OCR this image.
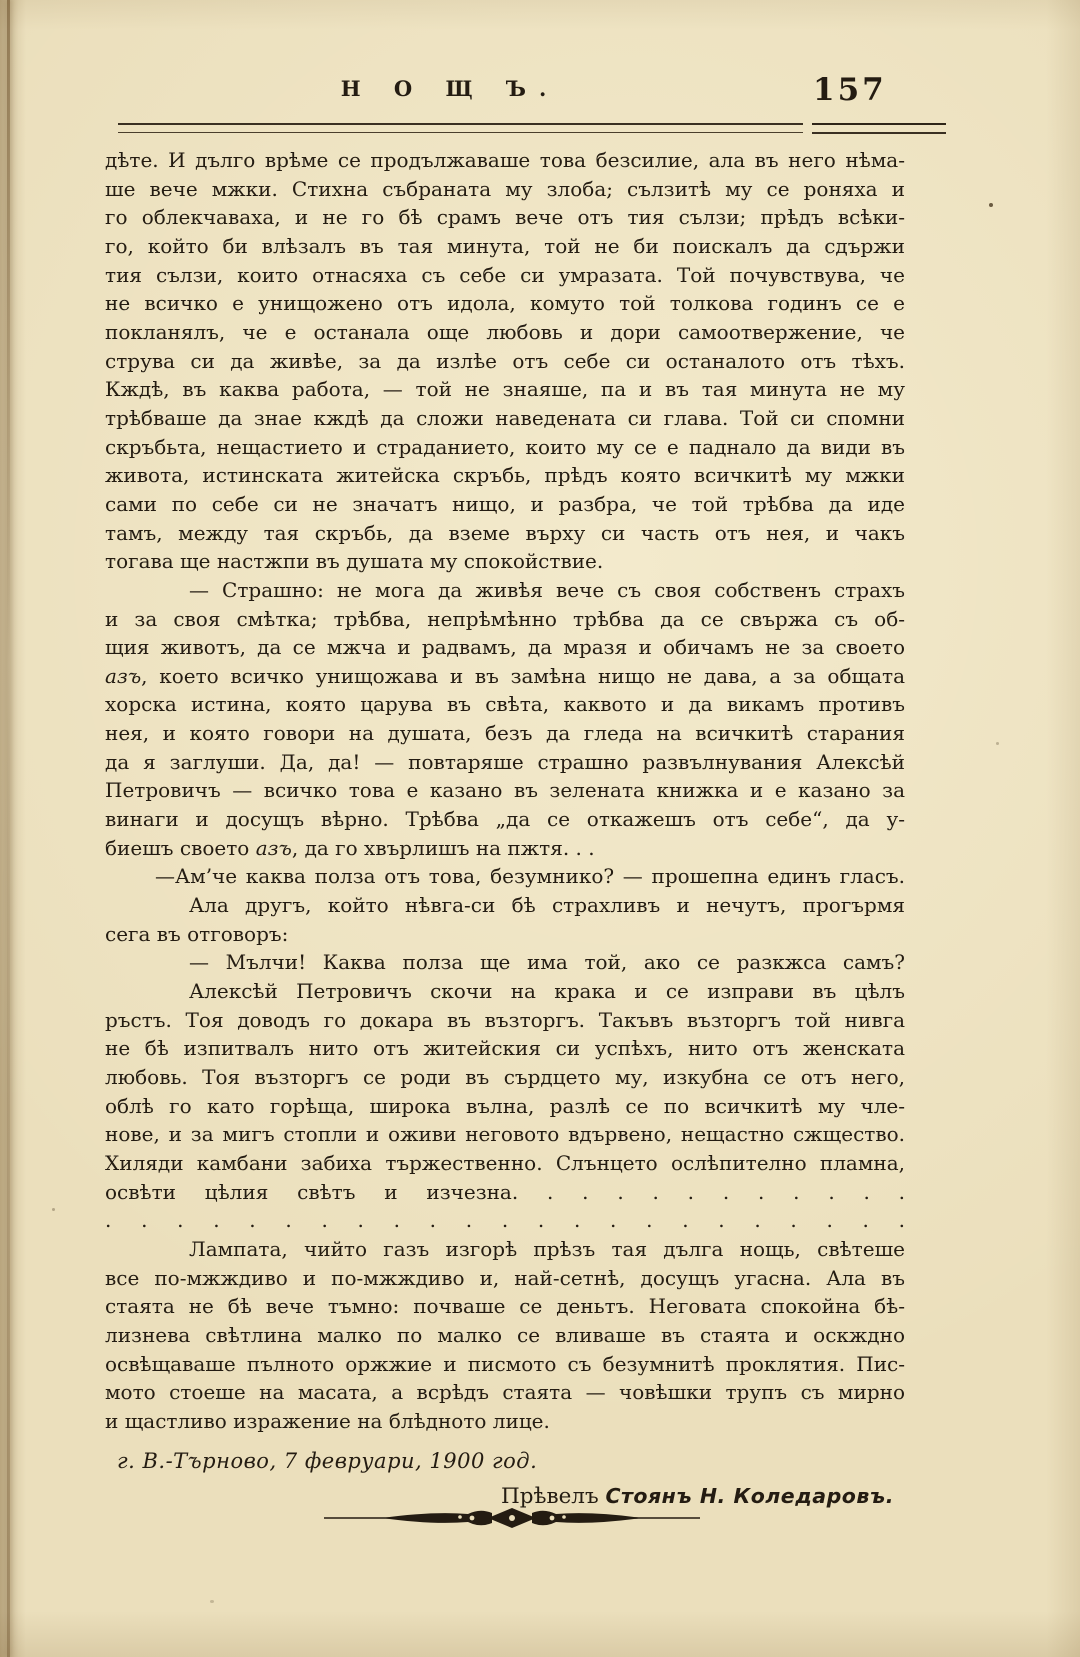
Н О Щ Ъ.	157
дѣте. И дълго врѣме се продължаваше това безсилие, ала въ него нѣма-
ше вече мжки. Стихна събраната му злоба; сълзитѣ му се роняха и
го облекчаваха, и не го бѣ срамъ вече отъ тия сълзи; прѣдъ всѣки-
го, който би влѣзалъ въ тая минута, той не би поискалъ да сдържи
тия сълзи, които отнасяха съ себе си умразата. Той почувствува, че
не всичко е унищожено отъ идола, комуто той толкова годинъ се е
покланялъ, че е останала още любовь и дори самоотвержение, че
струва си да живѣе, за да излѣе отъ себе си останалото отъ тѣхъ.
Кждѣ, въ каква работа, — той не знаяше, па и въ тая минута не му
трѣбваше да знае кждѣ да сложи наведената си глава. Той си спомни
скръбьта, нещастието и страданието, които му се е паднало да види въ
живота, истинската житейска скръбь, прѣдъ която всичкитѣ му мжки
сами по себе си не значатъ нищо, и разбра, че той трѣбва да иде
тамъ, между тая скръбь, да вземе върху си часть отъ нея, и чакъ
тогава ще настжпи въ душата му спокойствие.
— Страшно: не мога да живѣя вече съ своя собственъ страхъ
и за своя смѣтка; трѣбва, непрѣмѣнно трѣбва да се свържа съ об-
щия животъ, да се мжча и радвамъ, да мразя и обичамъ не за своето
азъ, което всичко унищожава и въ замѣна нищо не дава, а за общата
хорска истина, която царува въ свѣта, каквото и да викамъ противъ
нея, и която говори на душата, безъ да гледа на всичкитѣ старания
да я заглуши. Да, да! — повтаряше страшно развълнувания Алексѣй
Петровичъ — всичко това е казано въ зелената книжка и е казано за
винаги и досущъ вѣрно. Трѣбва „да се откажешъ отъ себе“, да у-
биешъ своето азъ, да го хвърлишъ на пжтя. . .
—Ам’че каква полза отъ това, безумнико? — прошепна единъ гласъ.
Ала другъ, който нѣвга-си бѣ страхливъ и нечутъ, прогърмя
сега въ отговоръ:
— Мълчи! Каква полза ще има той, ако се разкжса самъ?
Алексѣй Петровичъ скочи на крака и се изправи въ цѣлъ
ръстъ. Тоя доводъ го докара въ възторгъ. Такъвъ възторгъ той нивга
не бѣ изпитвалъ нито отъ житейския си успѣхъ, нито отъ женската
любовь. Тоя възторгъ се роди въ сърдцето му, изкубна се отъ него,
облѣ го като горѣща, широка вълна, разлѣ се по всичкитѣ му чле-
нове, и за мигъ стопли и оживи неговото вдървено, нещастно сжщество.
Хиляди камбани забиха тържественно. Слънцето ослѣпително пламна,
освѣти цѣлия свѣтъ и изчезна. . . . . . . . . . . .
. . . . . . . . . . . . . . . . . . . . . . .
Лампата, чийто газъ изгорѣ прѣзъ тая дълга нощь, свѣтеше
все по-мжждиво и по-мжждиво и, най-сетнѣ, досущъ угасна. Ала въ
стаята не бѣ вече тъмно: почваше се деньтъ. Неговата спокойна бѣ-
лизнева свѣтлина малко по малко се вливаше въ стаята и оскждно
освѣщаваше пълното оржжие и писмото съ безумнитѣ проклятия. Пис-
мото стоеше на масата, а всрѣдъ стаята — човѣшки трупъ съ мирно
и щастливо изражение на блѣдното лице.
г. В.-Търново, 7 февруари, 1900 год.
Прѣвелъ Стоянъ Н. Коледаровъ.
